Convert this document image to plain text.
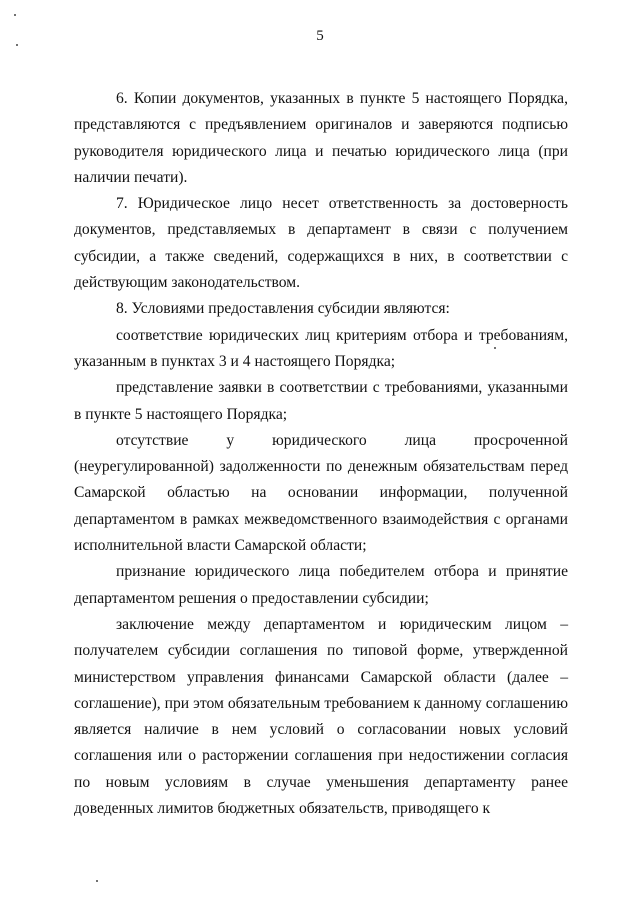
5

6. Копии документов, указанных в пункте 5 настоящего Порядка, представляются с предъявлением оригиналов и заверяются подписью руководителя юридического лица и печатью юридического лица (при наличии печати).

7. Юридическое лицо несет ответственность за достоверность документов, представляемых в департамент в связи с получением субсидии, а также сведений, содержащихся в них, в соответствии с действующим законодательством.

8. Условиями предоставления субсидии являются:

соответствие юридических лиц критериям отбора и требованиям, указанным в пунктах 3 и 4 настоящего Порядка;

представление заявки в соответствии с требованиями, указанными в пункте 5 настоящего Порядка;

отсутствие у юридического лица просроченной (неурегулированной) задолженности по денежным обязательствам перед Самарской областью на основании информации, полученной департаментом в рамках межведомственного взаимодействия с органами исполнительной власти Самарской области;

признание юридического лица победителем отбора и принятие департаментом решения о предоставлении субсидии;

заключение между департаментом и юридическим лицом – получателем субсидии соглашения по типовой форме, утвержденной министерством управления финансами Самарской области (далее – соглашение), при этом обязательным требованием к данному соглашению является наличие в нем условий о согласовании новых условий соглашения или о расторжении соглашения при недостижении согласия по новым условиям в случае уменьшения департаменту ранее доведенных лимитов бюджетных обязательств, приводящего к
